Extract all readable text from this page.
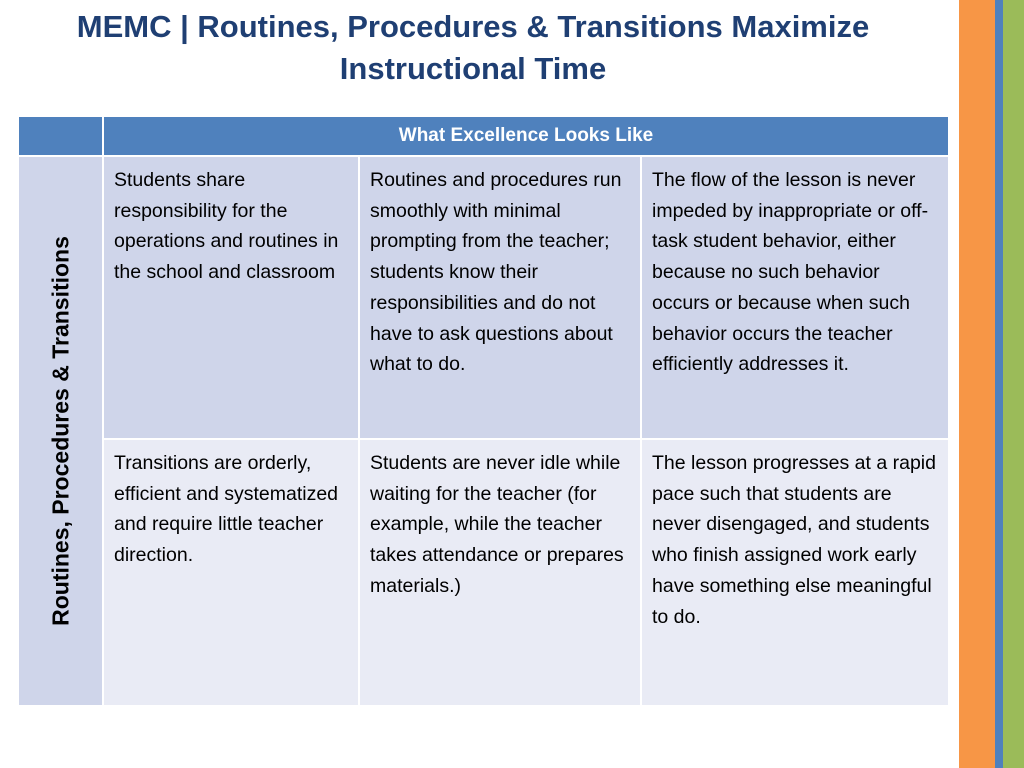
MEMC | Routines, Procedures & Transitions Maximize Instructional Time
	What Excellence Looks Like		

Routines, Procedures & Transitions	Students share responsibility for the operations and routines in the school and classroom	Routines and procedures run smoothly with minimal prompting from the teacher; students know their responsibilities and do not have to ask questions about what to do.	The flow of the lesson is never impeded by inappropriate or off-task student behavior, either because no such behavior occurs or because when such behavior occurs the teacher efficiently addresses it.
	Transitions are orderly, efficient and systematized and require little teacher direction.	Students are never idle while waiting for the teacher (for example, while the teacher takes attendance or prepares materials.)	The lesson progresses at a rapid pace such that students are never disengaged, and students who finish assigned work early have something else meaningful to do.
